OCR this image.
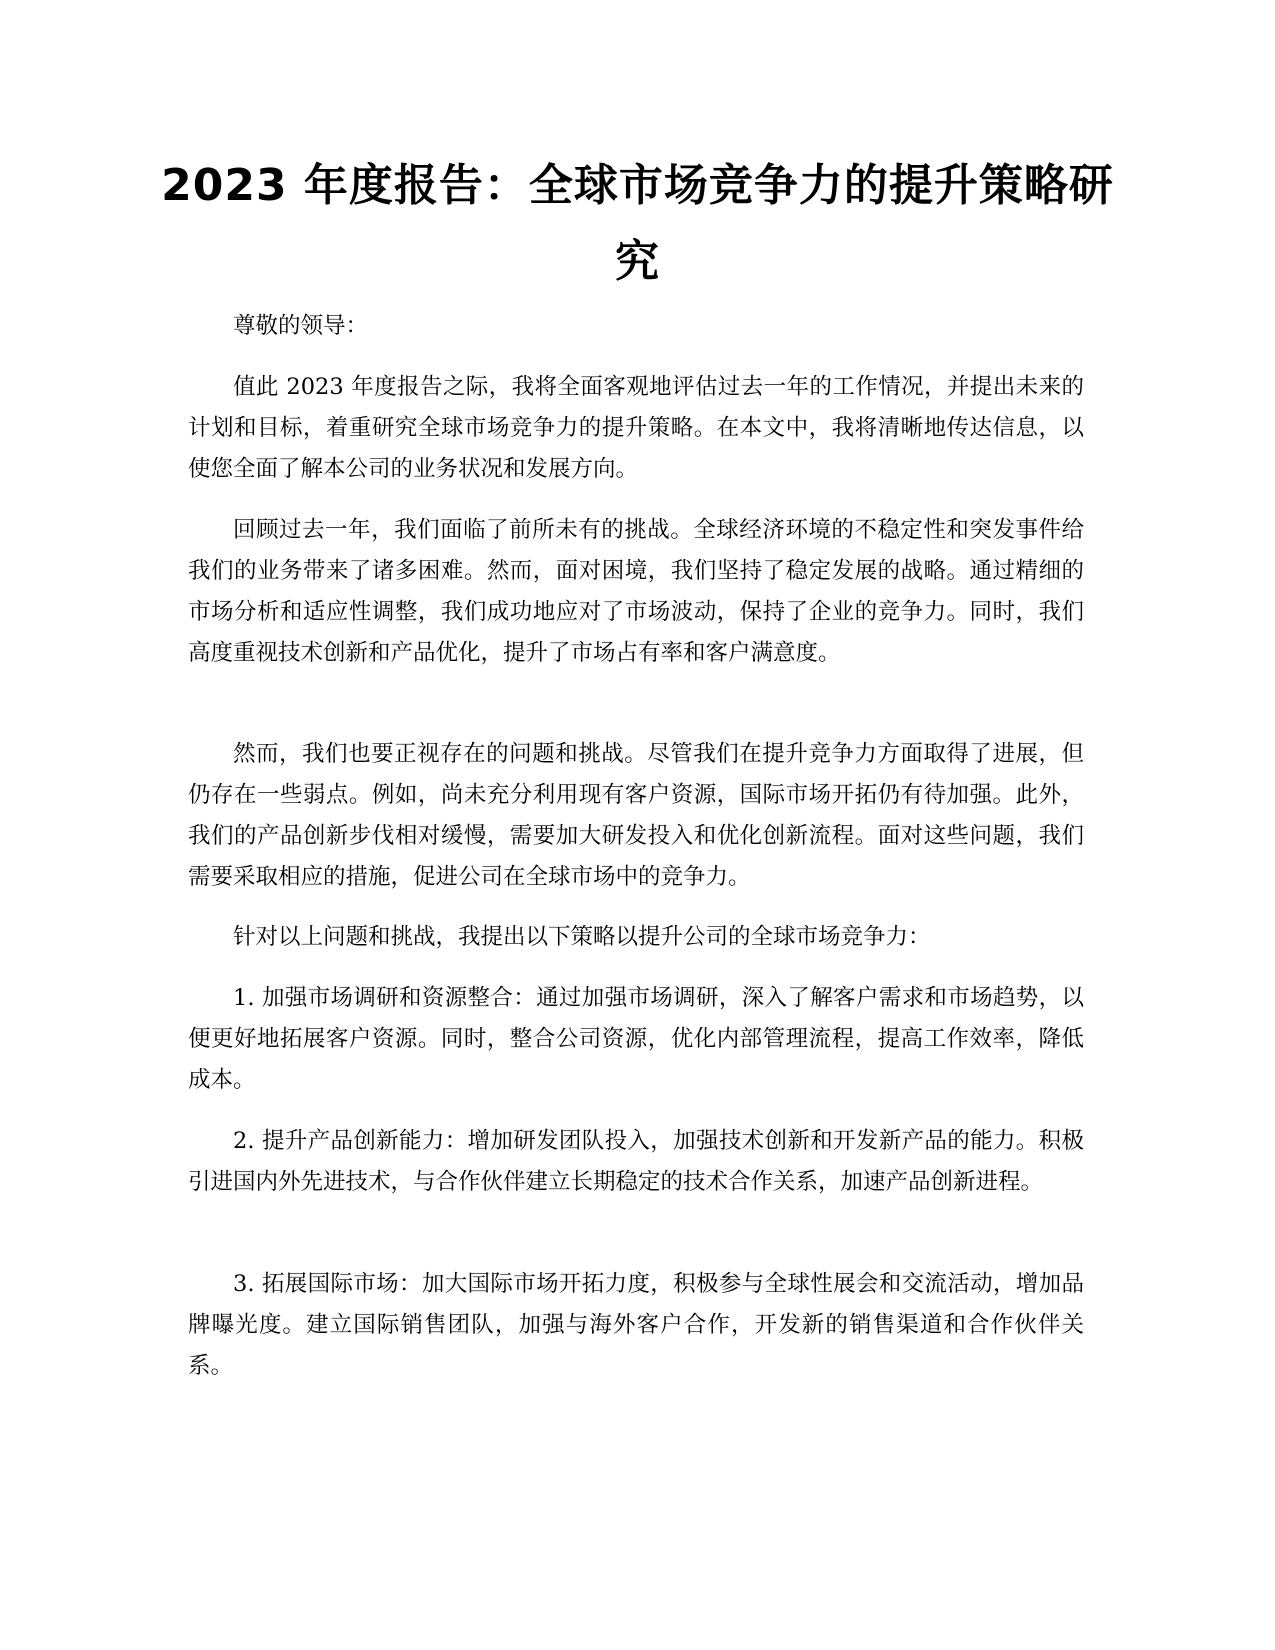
2023 年度报告：全球市场竞争力的提升策略研究

尊敬的领导：

值此 2023 年度报告之际，我将全面客观地评估过去一年的工作情况，并提出未来的计划和目标，着重研究全球市场竞争力的提升策略。在本文中，我将清晰地传达信息，以使您全面了解本公司的业务状况和发展方向。

回顾过去一年，我们面临了前所未有的挑战。全球经济环境的不稳定性和突发事件给我们的业务带来了诸多困难。然而，面对困境，我们坚持了稳定发展的战略。通过精细的市场分析和适应性调整，我们成功地应对了市场波动，保持了企业的竞争力。同时，我们高度重视技术创新和产品优化，提升了市场占有率和客户满意度。

然而，我们也要正视存在的问题和挑战。尽管我们在提升竞争力方面取得了进展，但仍存在一些弱点。例如，尚未充分利用现有客户资源，国际市场开拓仍有待加强。此外，我们的产品创新步伐相对缓慢，需要加大研发投入和优化创新流程。面对这些问题，我们需要采取相应的措施，促进公司在全球市场中的竞争力。

针对以上问题和挑战，我提出以下策略以提升公司的全球市场竞争力：

1. 加强市场调研和资源整合：通过加强市场调研，深入了解客户需求和市场趋势，以便更好地拓展客户资源。同时，整合公司资源，优化内部管理流程，提高工作效率，降低成本。

2. 提升产品创新能力：增加研发团队投入，加强技术创新和开发新产品的能力。积极引进国内外先进技术，与合作伙伴建立长期稳定的技术合作关系，加速产品创新进程。

3. 拓展国际市场：加大国际市场开拓力度，积极参与全球性展会和交流活动，增加品牌曝光度。建立国际销售团队，加强与海外客户合作，开发新的销售渠道和合作伙伴关系。
